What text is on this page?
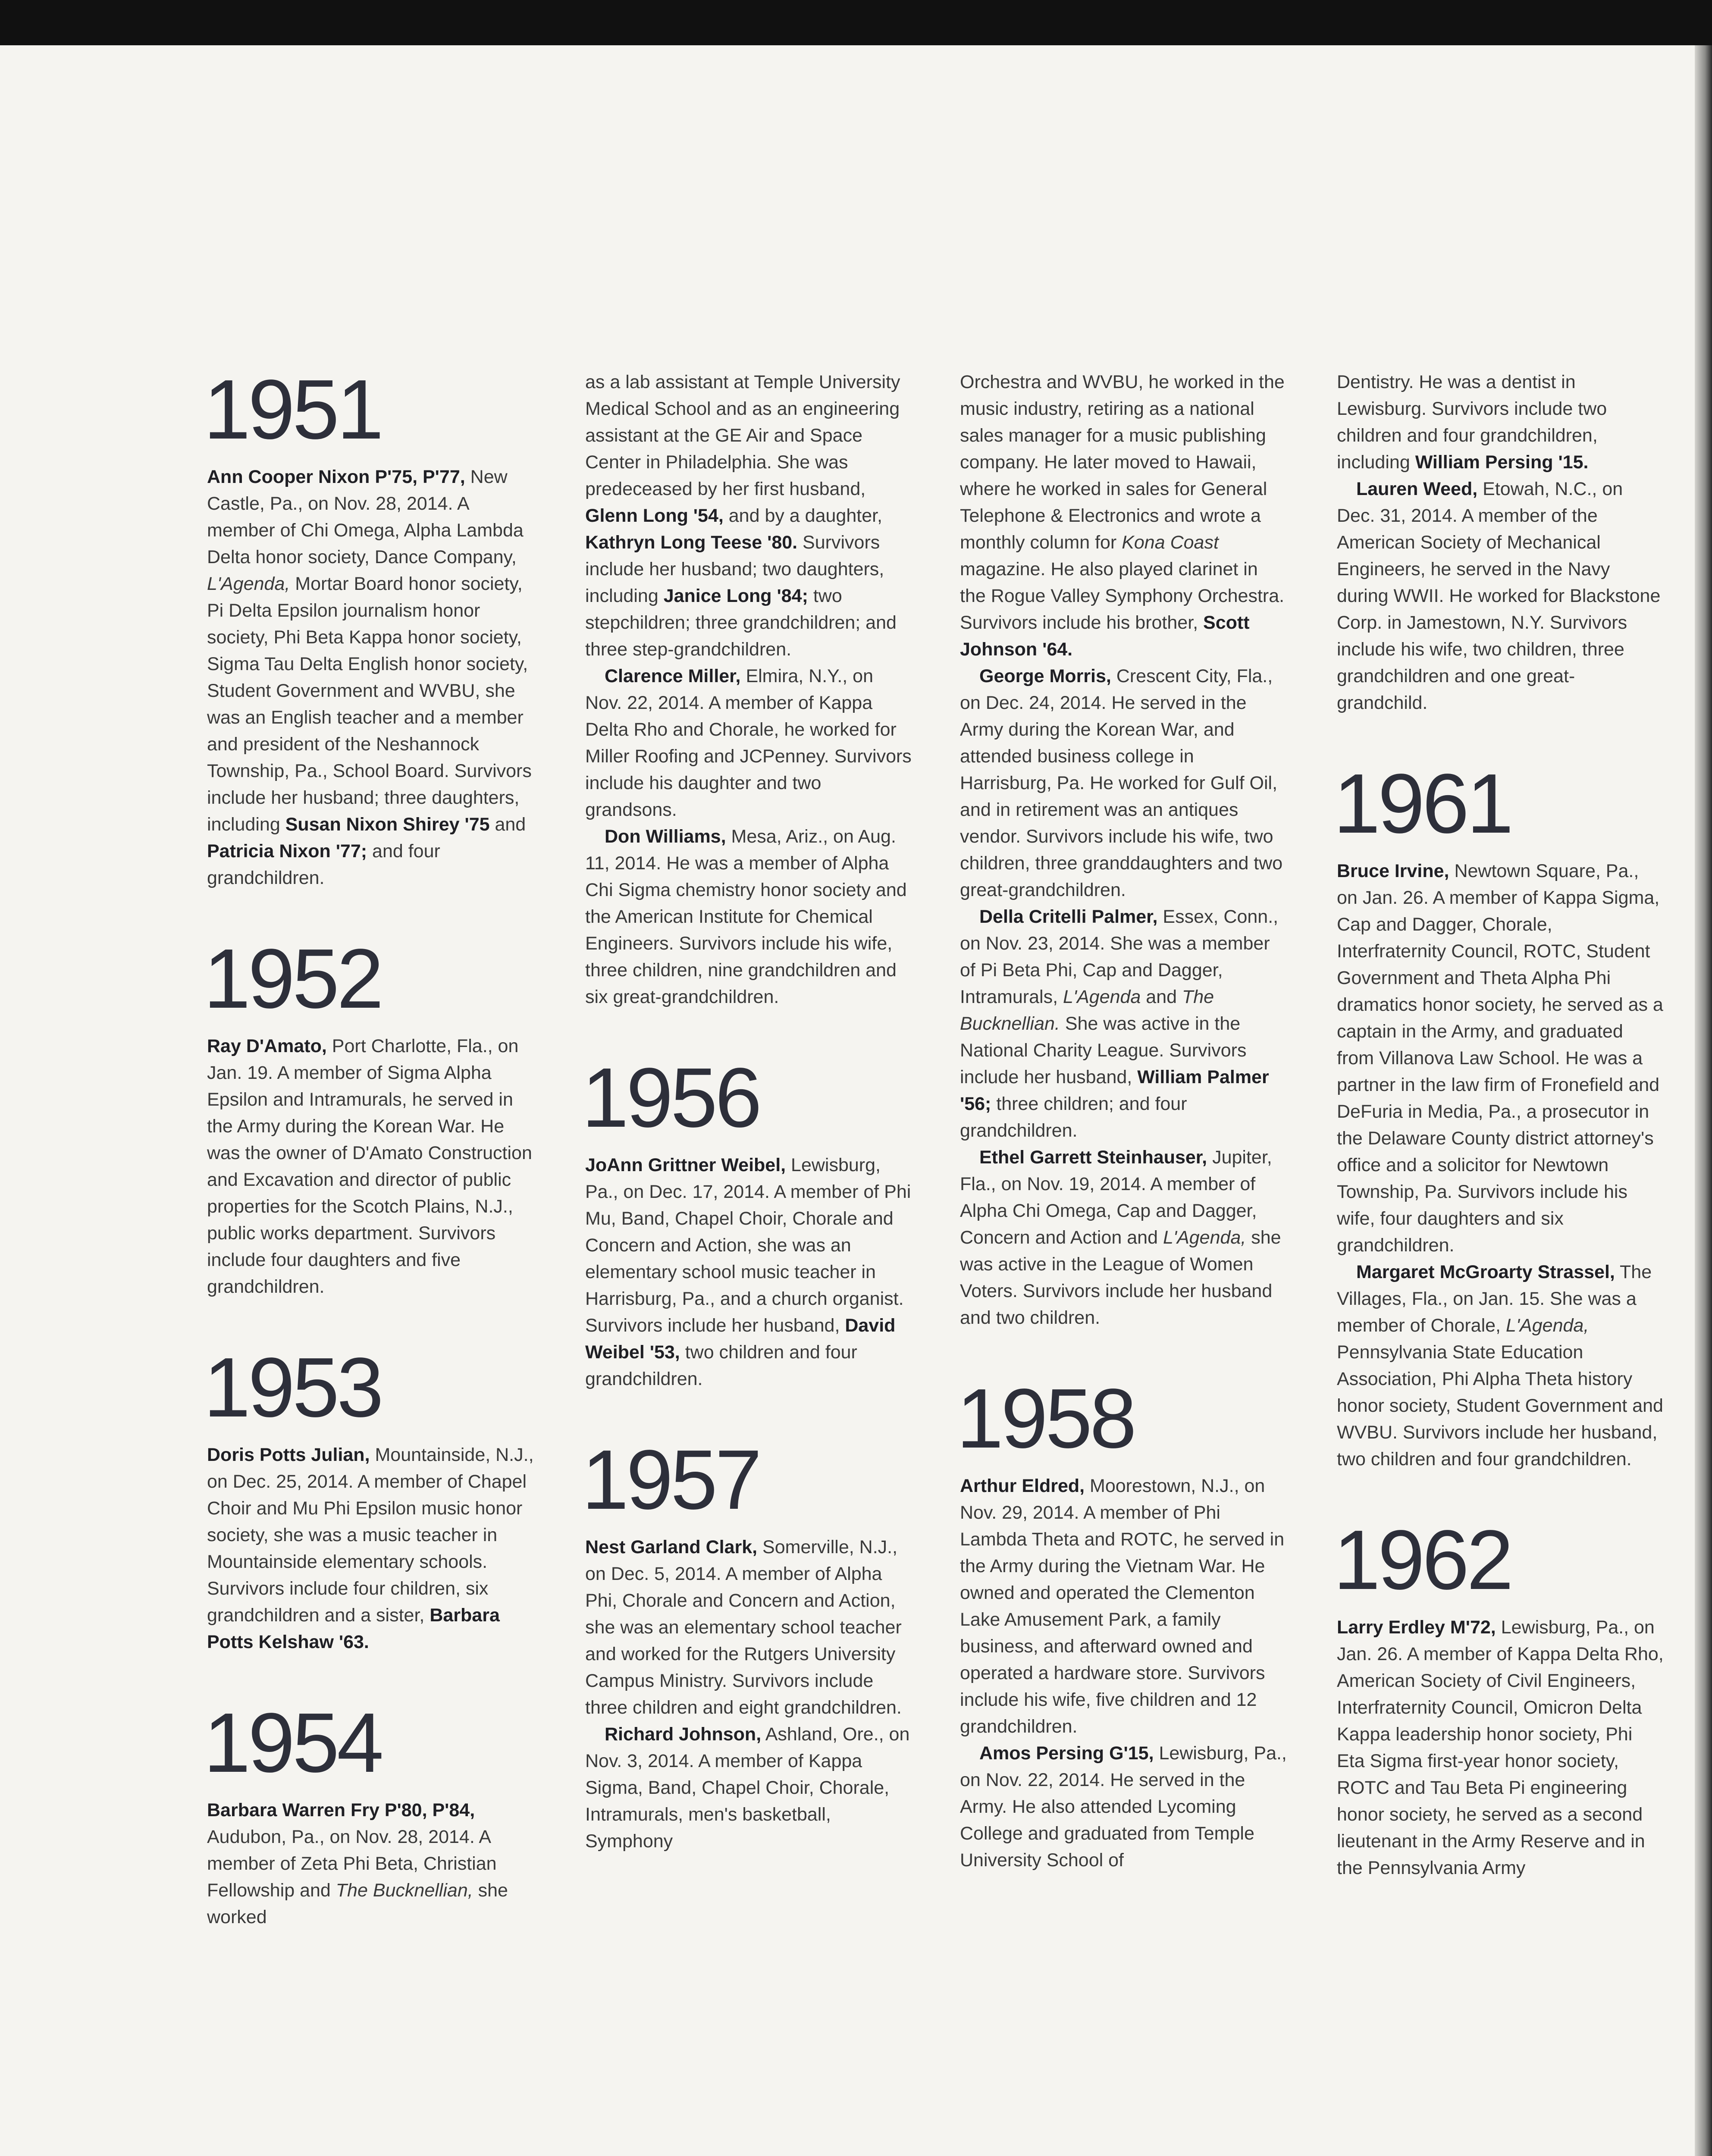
1951

Ann Cooper Nixon P'75, P'77, New Castle, Pa., on Nov. 28, 2014. A member of Chi Omega, Alpha Lambda Delta honor society, Dance Company, L'Agenda, Mortar Board honor society, Pi Delta Epsilon journalism honor society, Phi Beta Kappa honor society, Sigma Tau Delta English honor society, Student Government and WVBU, she was an English teacher and a member and president of the Neshannock Township, Pa., School Board. Survivors include her husband; three daughters, including Susan Nixon Shirey '75 and Patricia Nixon '77; and four grandchildren.

1952

Ray D'Amato, Port Charlotte, Fla., on Jan. 19. A member of Sigma Alpha Epsilon and Intramurals, he served in the Army during the Korean War. He was the owner of D'Amato Construction and Excavation and director of public properties for the Scotch Plains, N.J., public works department. Survivors include four daughters and five grandchildren.

1953

Doris Potts Julian, Mountainside, N.J., on Dec. 25, 2014. A member of Chapel Choir and Mu Phi Epsilon music honor society, she was a music teacher in Mountainside elementary schools. Survivors include four children, six grandchildren and a sister, Barbara Potts Kelshaw '63.

1954

Barbara Warren Fry P'80, P'84, Audubon, Pa., on Nov. 28, 2014. A member of Zeta Phi Beta, Christian Fellowship and The Bucknellian, she worked

as a lab assistant at Temple University Medical School and as an engineering assistant at the GE Air and Space Center in Philadelphia. She was predeceased by her first husband, Glenn Long '54, and by a daughter, Kathryn Long Teese '80. Survivors include her husband; two daughters, including Janice Long '84; two stepchildren; three grandchildren; and three step-grandchildren.

Clarence Miller, Elmira, N.Y., on Nov. 22, 2014. A member of Kappa Delta Rho and Chorale, he worked for Miller Roofing and JCPenney. Survivors include his daughter and two grandsons.

Don Williams, Mesa, Ariz., on Aug. 11, 2014. He was a member of Alpha Chi Sigma chemistry honor society and the American Institute for Chemical Engineers. Survivors include his wife, three children, nine grandchildren and six great-grandchildren.

1956

JoAnn Grittner Weibel, Lewisburg, Pa., on Dec. 17, 2014. A member of Phi Mu, Band, Chapel Choir, Chorale and Concern and Action, she was an elementary school music teacher in Harrisburg, Pa., and a church organist. Survivors include her husband, David Weibel '53, two children and four grandchildren.

1957

Nest Garland Clark, Somerville, N.J., on Dec. 5, 2014. A member of Alpha Phi, Chorale and Concern and Action, she was an elementary school teacher and worked for the Rutgers University Campus Ministry. Survivors include three children and eight grandchildren.

Richard Johnson, Ashland, Ore., on Nov. 3, 2014. A member of Kappa Sigma, Band, Chapel Choir, Chorale, Intramurals, men's basketball, Symphony

Orchestra and WVBU, he worked in the music industry, retiring as a national sales manager for a music publishing company. He later moved to Hawaii, where he worked in sales for General Telephone & Electronics and wrote a monthly column for Kona Coast magazine. He also played clarinet in the Rogue Valley Symphony Orchestra. Survivors include his brother, Scott Johnson '64.

George Morris, Crescent City, Fla., on Dec. 24, 2014. He served in the Army during the Korean War, and attended business college in Harrisburg, Pa. He worked for Gulf Oil, and in retirement was an antiques vendor. Survivors include his wife, two children, three granddaughters and two great-grandchildren.

Della Critelli Palmer, Essex, Conn., on Nov. 23, 2014. She was a member of Pi Beta Phi, Cap and Dagger, Intramurals, L'Agenda and The Bucknellian. She was active in the National Charity League. Survivors include her husband, William Palmer '56; three children; and four grandchildren.

Ethel Garrett Steinhauser, Jupiter, Fla., on Nov. 19, 2014. A member of Alpha Chi Omega, Cap and Dagger, Concern and Action and L'Agenda, she was active in the League of Women Voters. Survivors include her husband and two children.

1958

Arthur Eldred, Moorestown, N.J., on Nov. 29, 2014. A member of Phi Lambda Theta and ROTC, he served in the Army during the Vietnam War. He owned and operated the Clementon Lake Amusement Park, a family business, and afterward owned and operated a hardware store. Survivors include his wife, five children and 12 grandchildren.

Amos Persing G'15, Lewisburg, Pa., on Nov. 22, 2014. He served in the Army. He also attended Lycoming College and graduated from Temple University School of

Dentistry. He was a dentist in Lewisburg. Survivors include two children and four grandchildren, including William Persing '15.

Lauren Weed, Etowah, N.C., on Dec. 31, 2014. A member of the American Society of Mechanical Engineers, he served in the Navy during WWII. He worked for Blackstone Corp. in Jamestown, N.Y. Survivors include his wife, two children, three grandchildren and one great-grandchild.

1961

Bruce Irvine, Newtown Square, Pa., on Jan. 26. A member of Kappa Sigma, Cap and Dagger, Chorale, Interfraternity Council, ROTC, Student Government and Theta Alpha Phi dramatics honor society, he served as a captain in the Army, and graduated from Villanova Law School. He was a partner in the law firm of Fronefield and DeFuria in Media, Pa., a prosecutor in the Delaware County district attorney's office and a solicitor for Newtown Township, Pa. Survivors include his wife, four daughters and six grandchildren.

Margaret McGroarty Strassel, The Villages, Fla., on Jan. 15. She was a member of Chorale, L'Agenda, Pennsylvania State Education Association, Phi Alpha Theta history honor society, Student Government and WVBU. Survivors include her husband, two children and four grandchildren.

1962

Larry Erdley M'72, Lewisburg, Pa., on Jan. 26. A member of Kappa Delta Rho, American Society of Civil Engineers, Interfraternity Council, Omicron Delta Kappa leadership honor society, Phi Eta Sigma first-year honor society, ROTC and Tau Beta Pi engineering honor society, he served as a second lieutenant in the Army Reserve and in the Pennsylvania Army
